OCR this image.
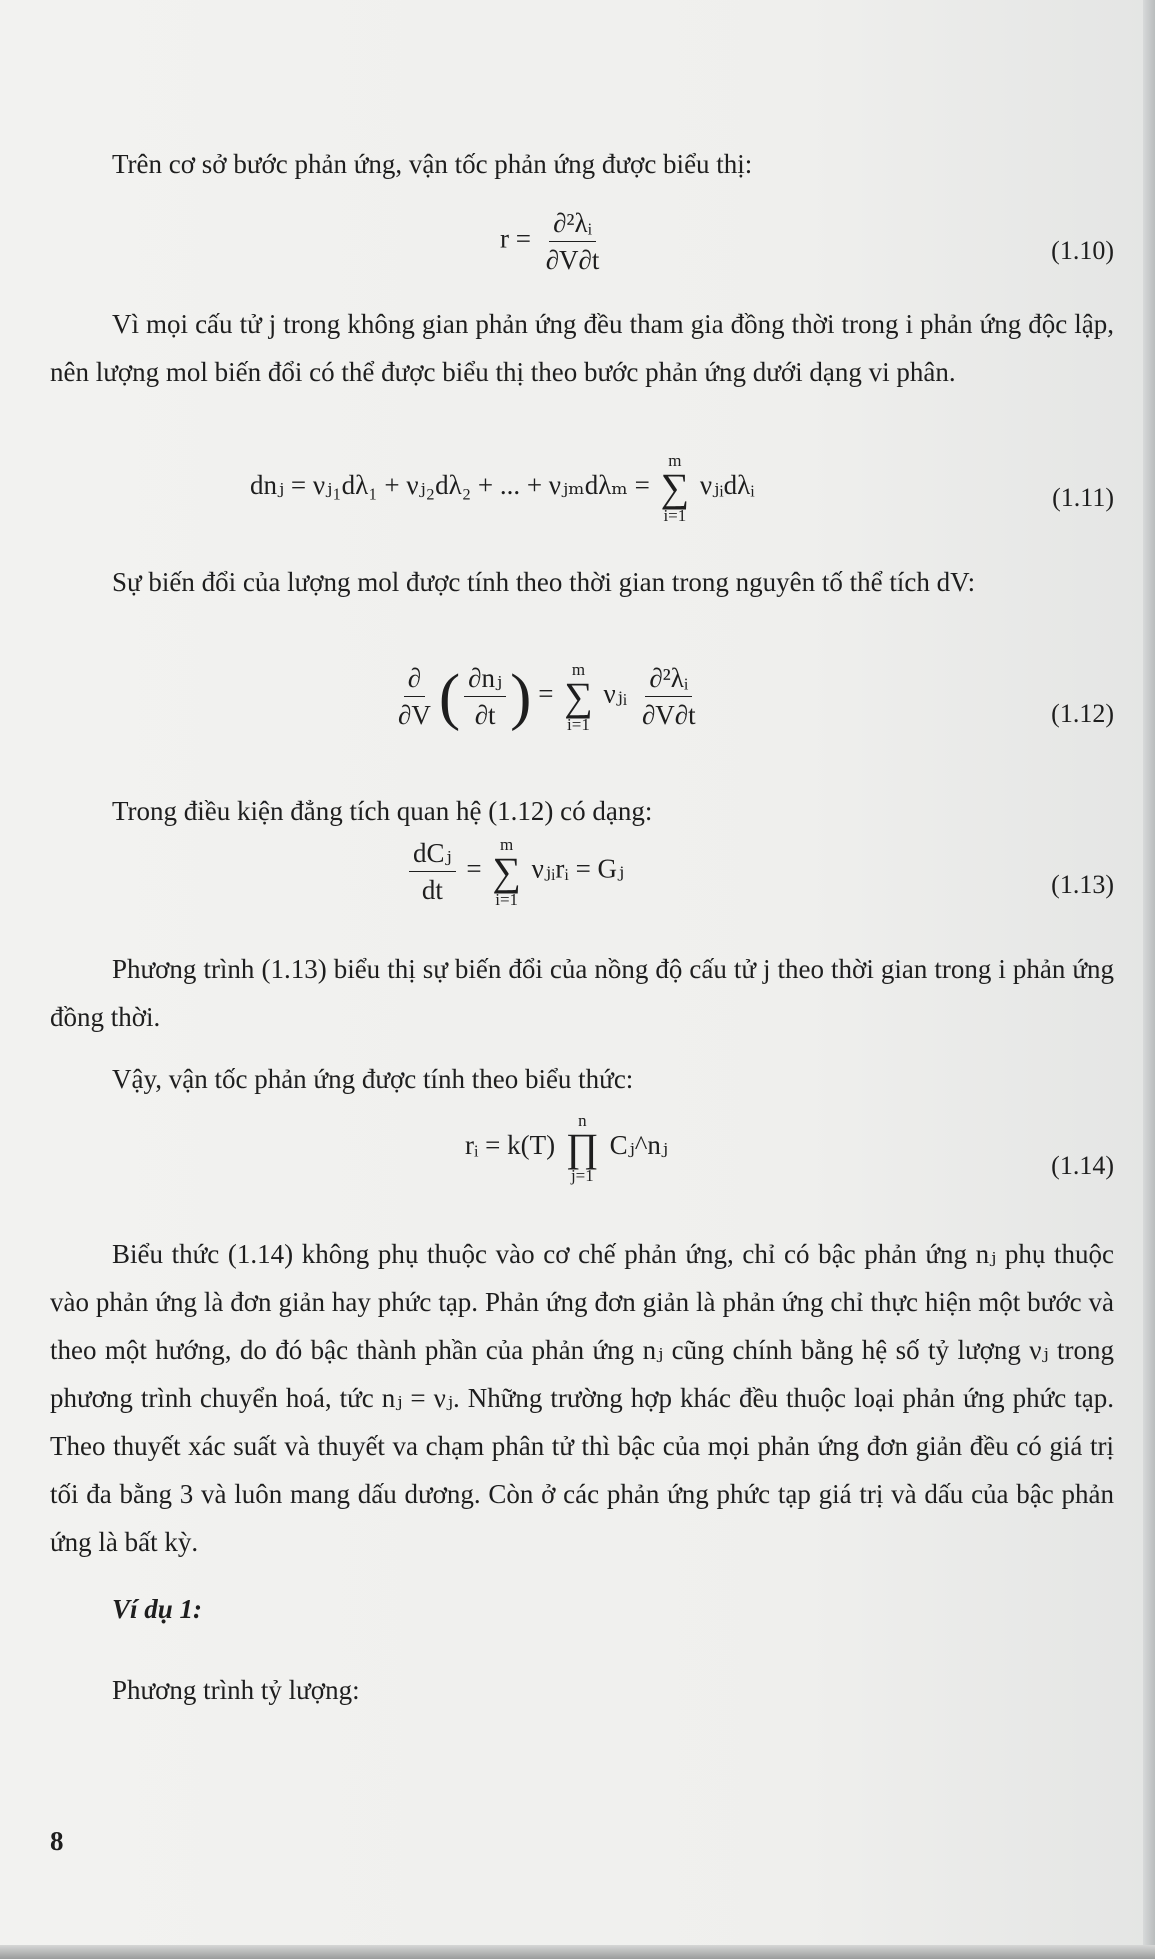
Trên cơ sở bước phản ứng, vận tốc phản ứng được biểu thị:
$r = \frac{\text{∂²λᵢ}}{\partial V\partial t}$	(1.10)
Vì mọi cấu tử j trong không gian phản ứng đều tham gia đồng thời trong i phản ứng độc lập, nên lượng mol biến đổi có thể được biểu thị theo bước phản ứng dưới dạng vi phân.
dnⱼ = νⱼ₁dλ₁ + νⱼ₂dλ₂ + ... + νⱼₘdλₘ =
m
∑
i=1
νⱼᵢdλᵢ	(1.11)
Sự biến đổi của lượng mol được tính theo thời gian trong nguyên tố thể tích dV:
$\frac{\partial}{\partial V}$ ( $\frac{\text{∂nⱼ}}{\partial t}$ ) =
m
∑
i=1
νⱼᵢ $\frac{\text{∂²λᵢ}}{\partial V\partial t}$	(1.12)
Trong điều kiện đẳng tích quan hệ (1.12) có dạng:
$\frac{\text{dCⱼ}}{dt}$ =
m
∑
i=1
νⱼᵢrᵢ = Gⱼ
(1.13)
Phương trình (1.13) biểu thị sự biến đổi của nồng độ cấu tử j theo thời gian trong i phản ứng đồng thời.
Vậy, vận tốc phản ứng được tính theo biểu thức:
rᵢ = k(T)
n
∏
j=1
Cⱼ^nⱼ
(1.14)
Biểu thức (1.14) không phụ thuộc vào cơ chế phản ứng, chỉ có bậc phản ứng nⱼ phụ thuộc vào phản ứng là đơn giản hay phức tạp. Phản ứng đơn giản là phản ứng chỉ thực hiện một bước và theo một hướng, do đó bậc thành phần của phản ứng nⱼ cũng chính bằng hệ số tỷ lượng νⱼ trong phương trình chuyển hoá, tức nⱼ = νⱼ. Những trường hợp khác đều thuộc loại phản ứng phức tạp. Theo thuyết xác suất và thuyết va chạm phân tử thì bậc của mọi phản ứng đơn giản đều có giá trị tối đa bằng 3 và luôn mang dấu dương. Còn ở các phản ứng phức tạp giá trị và dấu của bậc phản ứng là bất kỳ.
Ví dụ 1:
Phương trình tỷ lượng:
8
